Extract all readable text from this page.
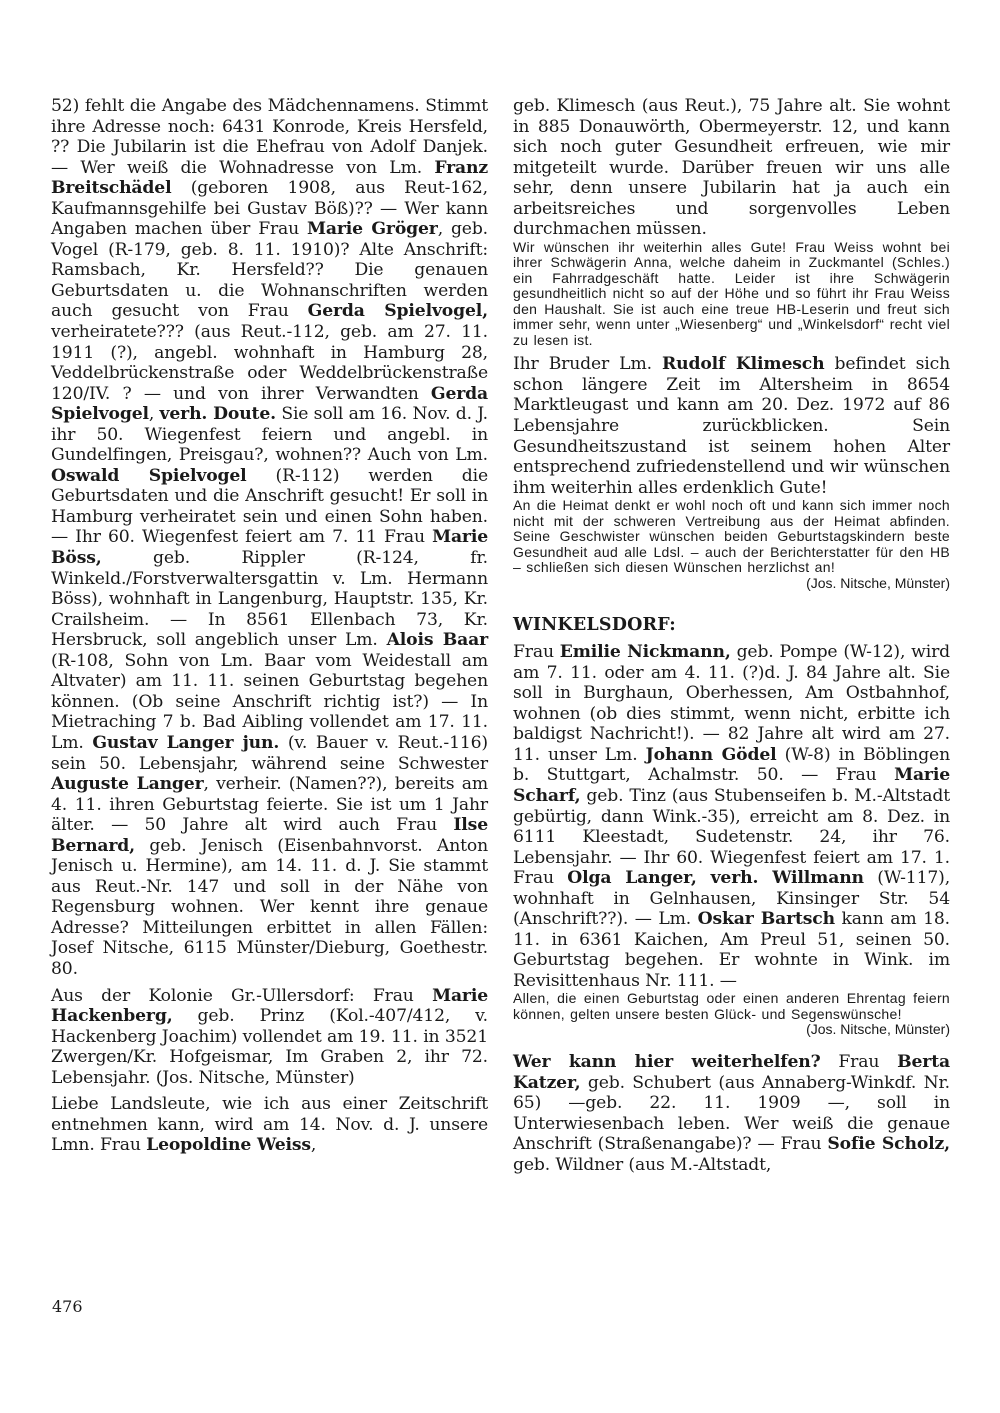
52) fehlt die Angabe des Mädchennamens. Stimmt ihre Adresse noch: 6431 Konrode, Kreis Hersfeld, ?? Die Jubilarin ist die Ehefrau von Adolf Danjek. — Wer weiß die Wohnadresse von Lm. Franz Breitschädel (geboren 1908, aus Reut-162, Kaufmannsgehilfe bei Gustav Böß)?? — Wer kann Angaben machen über Frau Marie Gröger, geb. Vogel (R-179, geb. 8. 11. 1910)? Alte Anschrift: Ramsbach, Kr. Hersfeld?? Die genauen Geburtsdaten u. die Wohnanschriften werden auch gesucht von Frau Gerda Spielvogel, verheiratete??? (aus Reut.-112, geb. am 27. 11. 1911 (?), angebl. wohnhaft in Hamburg 28, Veddelbrückenstraße oder Weddelbrückenstraße 120/IV. ? — und von ihrer Verwandten Gerda Spielvogel, verh. Doute. Sie soll am 16. Nov. d. J. ihr 50. Wiegenfest feiern und angebl. in Gundelfingen, Preisgau?, wohnen?? Auch von Lm. Oswald Spielvogel (R-112) werden die Geburtsdaten und die Anschrift gesucht! Er soll in Hamburg verheiratet sein und einen Sohn haben. — Ihr 60. Wiegenfest feiert am 7. 11 Frau Marie Böss, geb. Rippler (R-124, fr. Winkeld./Forstverwaltersgattin v. Lm. Hermann Böss), wohnhaft in Langenburg, Hauptstr. 135, Kr. Crailsheim. — In 8561 Ellenbach 73, Kr. Hersbruck, soll angeblich unser Lm. Alois Baar (R-108, Sohn von Lm. Baar vom Weidestall am Altvater) am 11. 11. seinen Geburtstag begehen können. (Ob seine Anschrift richtig ist?) — In Mietraching 7 b. Bad Aibling vollendet am 17. 11. Lm. Gustav Langer jun. (v. Bauer v. Reut.-116) sein 50. Lebensjahr, während seine Schwester Auguste Langer, verheir. (Namen??), bereits am 4. 11. ihren Geburtstag feierte. Sie ist um 1 Jahr älter. — 50 Jahre alt wird auch Frau Ilse Bernard, geb. Jenisch (Eisenbahnvorst. Anton Jenisch u. Hermine), am 14. 11. d. J. Sie stammt aus Reut.-Nr. 147 und soll in der Nähe von Regensburg wohnen. Wer kennt ihre genaue Adresse? Mitteilungen erbittet in allen Fällen: Josef Nitsche, 6115 Münster/Dieburg, Goethestr. 80.

Aus der Kolonie Gr.-Ullersdorf: Frau Marie Hackenberg, geb. Prinz (Kol.-407/412, v. Hackenberg Joachim) vollendet am 19. 11. in 3521 Zwergen/Kr. Hofgeismar, Im Graben 2, ihr 72. Lebensjahr. (Jos. Nitsche, Münster)

Liebe Landsleute, wie ich aus einer Zeitschrift entnehmen kann, wird am 14. Nov. d. J. unsere Lmn. Frau Leopoldine Weiss,

geb. Klimesch (aus Reut.), 75 Jahre alt. Sie wohnt in 885 Donauwörth, Obermeyerstr. 12, und kann sich noch guter Gesundheit erfreuen, wie mir mitgeteilt wurde. Darüber freuen wir uns alle sehr, denn unsere Jubilarin hat ja auch ein arbeitsreiches und sorgenvolles Leben durchmachen müssen.

Wir wünschen ihr weiterhin alles Gute! Frau Weiss wohnt bei ihrer Schwägerin Anna, welche daheim in Zuckmantel (Schles.) ein Fahrradgeschäft hatte. Leider ist ihre Schwägerin gesundheitlich nicht so auf der Höhe und so führt ihr Frau Weiss den Haushalt. Sie ist auch eine treue HB-Leserin und freut sich immer sehr, wenn unter „Wiesenberg“ und „Winkelsdorf“ recht viel zu lesen ist.

Ihr Bruder Lm. Rudolf Klimesch befindet sich schon längere Zeit im Altersheim in 8654 Marktleugast und kann am 20. Dez. 1972 auf 86 Lebensjahre zurückblicken. Sein Gesundheitszustand ist seinem hohen Alter entsprechend zufriedenstellend und wir wünschen ihm weiterhin alles erdenklich Gute!

An die Heimat denkt er wohl noch oft und kann sich immer noch nicht mit der schweren Vertreibung aus der Heimat abfinden. Seine Geschwister wünschen beiden Geburtstagskindern beste Gesundheit aud alle Ldsl. – auch der Berichterstatter für den HB – schließen sich diesen Wünschen herzlichst an!

(Jos. Nitsche, Münster)
WINKELSDORF:

Frau Emilie Nickmann, geb. Pompe (W-12), wird am 7. 11. oder am 4. 11. (?)d. J. 84 Jahre alt. Sie soll in Burghaun, Oberhessen, Am Ostbahnhof, wohnen (ob dies stimmt, wenn nicht, erbitte ich baldigst Nachricht!). — 82 Jahre alt wird am 27. 11. unser Lm. Johann Gödel (W-8) in Böblingen b. Stuttgart, Achalmstr. 50. — Frau Marie Scharf, geb. Tinz (aus Stubenseifen b. M.-Altstadt gebürtig, dann Wink.-35), erreicht am 8. Dez. in 6111 Kleestadt, Sudetenstr. 24, ihr 76. Lebensjahr. — Ihr 60. Wiegenfest feiert am 17. 1. Frau Olga Langer, verh. Willmann (W-117), wohnhaft in Gelnhausen, Kinsinger Str. 54 (Anschrift??). — Lm. Oskar Bartsch kann am 18. 11. in 6361 Kaichen, Am Preul 51, seinen 50. Geburtstag begehen. Er wohnte in Wink. im Revisittenhaus Nr. 111. —

Allen, die einen Geburtstag oder einen anderen Ehrentag feiern können, gelten unsere besten Glück- und Segenswünsche!

(Jos. Nitsche, Münster)

Wer kann hier weiterhelfen? Frau Berta Katzer, geb. Schubert (aus Annaberg-Winkdf. Nr. 65) —geb. 22. 11. 1909 —, soll in Unterwiesenbach leben. Wer weiß die genaue Anschrift (Straßenangabe)? — Frau Sofie Scholz, geb. Wildner (aus M.-Altstadt,

476
